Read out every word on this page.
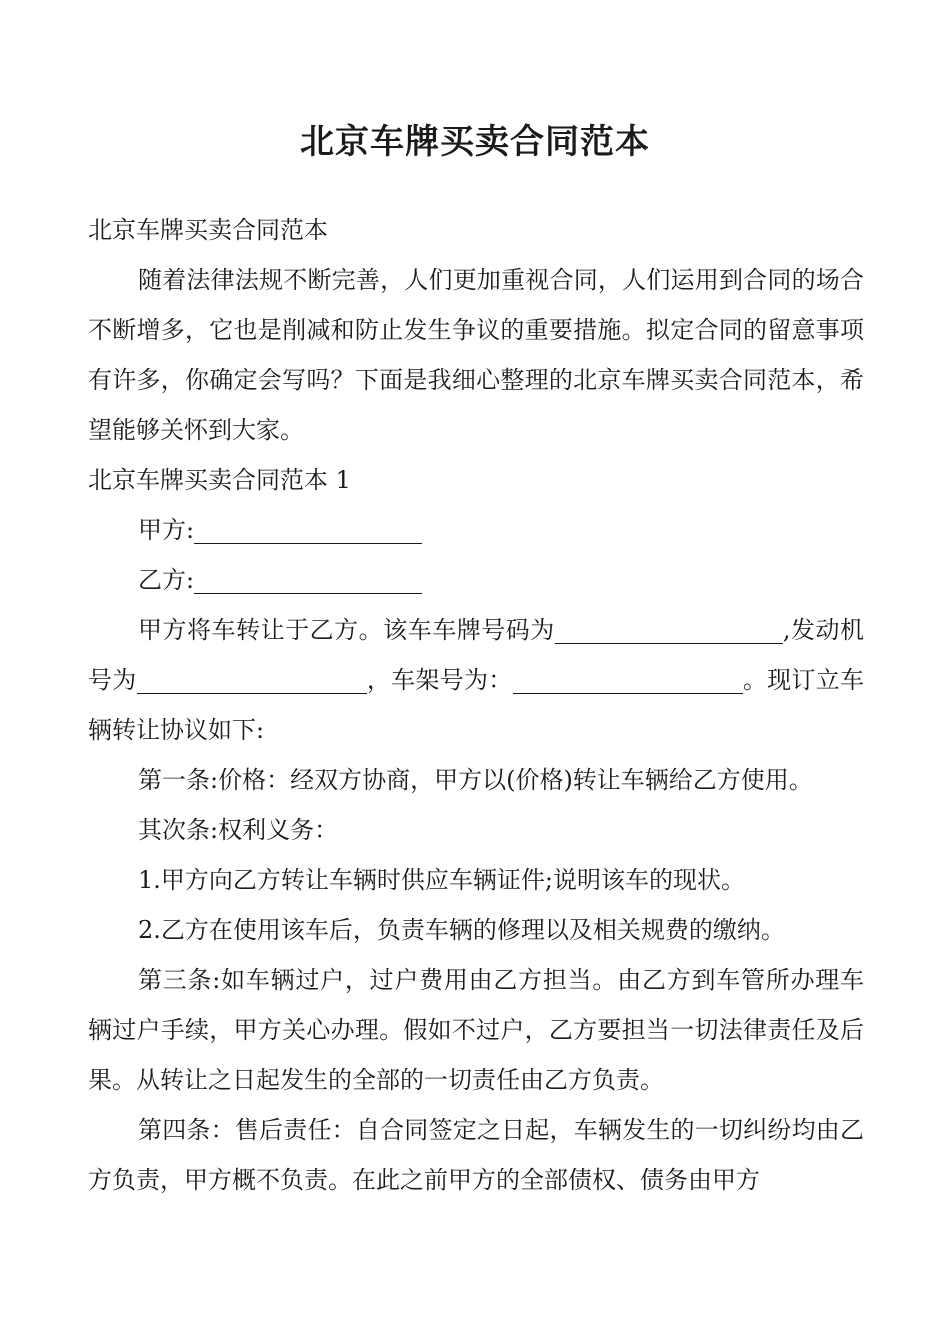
北京车牌买卖合同范本

北京车牌买卖合同范本

随着法律法规不断完善，人们更加重视合同，人们运用到合同的场合不断增多，它也是削减和防止发生争议的重要措施。拟定合同的留意事项有许多，你确定会写吗？下面是我细心整理的北京车牌买卖合同范本，希望能够关怀到大家。

北京车牌买卖合同范本 1

甲方:

乙方:

甲方将车转让于乙方。该车车牌号码为	,发动机号为	，车架号为：	。现订立车辆转让协议如下:

第一条:价格：经双方协商，甲方以(价格)转让车辆给乙方使用。

其次条:权利义务：

1.甲方向乙方转让车辆时供应车辆证件;说明该车的现状。

2.乙方在使用该车后，负责车辆的修理以及相关规费的缴纳。

第三条:如车辆过户，过户费用由乙方担当。由乙方到车管所办理车辆过户手续，甲方关心办理。假如不过户，乙方要担当一切法律责任及后果。从转让之日起发生的全部的一切责任由乙方负责。

第四条：售后责任：自合同签定之日起，车辆发生的一切纠纷均由乙方负责，甲方概不负责。在此之前甲方的全部债权、债务由甲方
